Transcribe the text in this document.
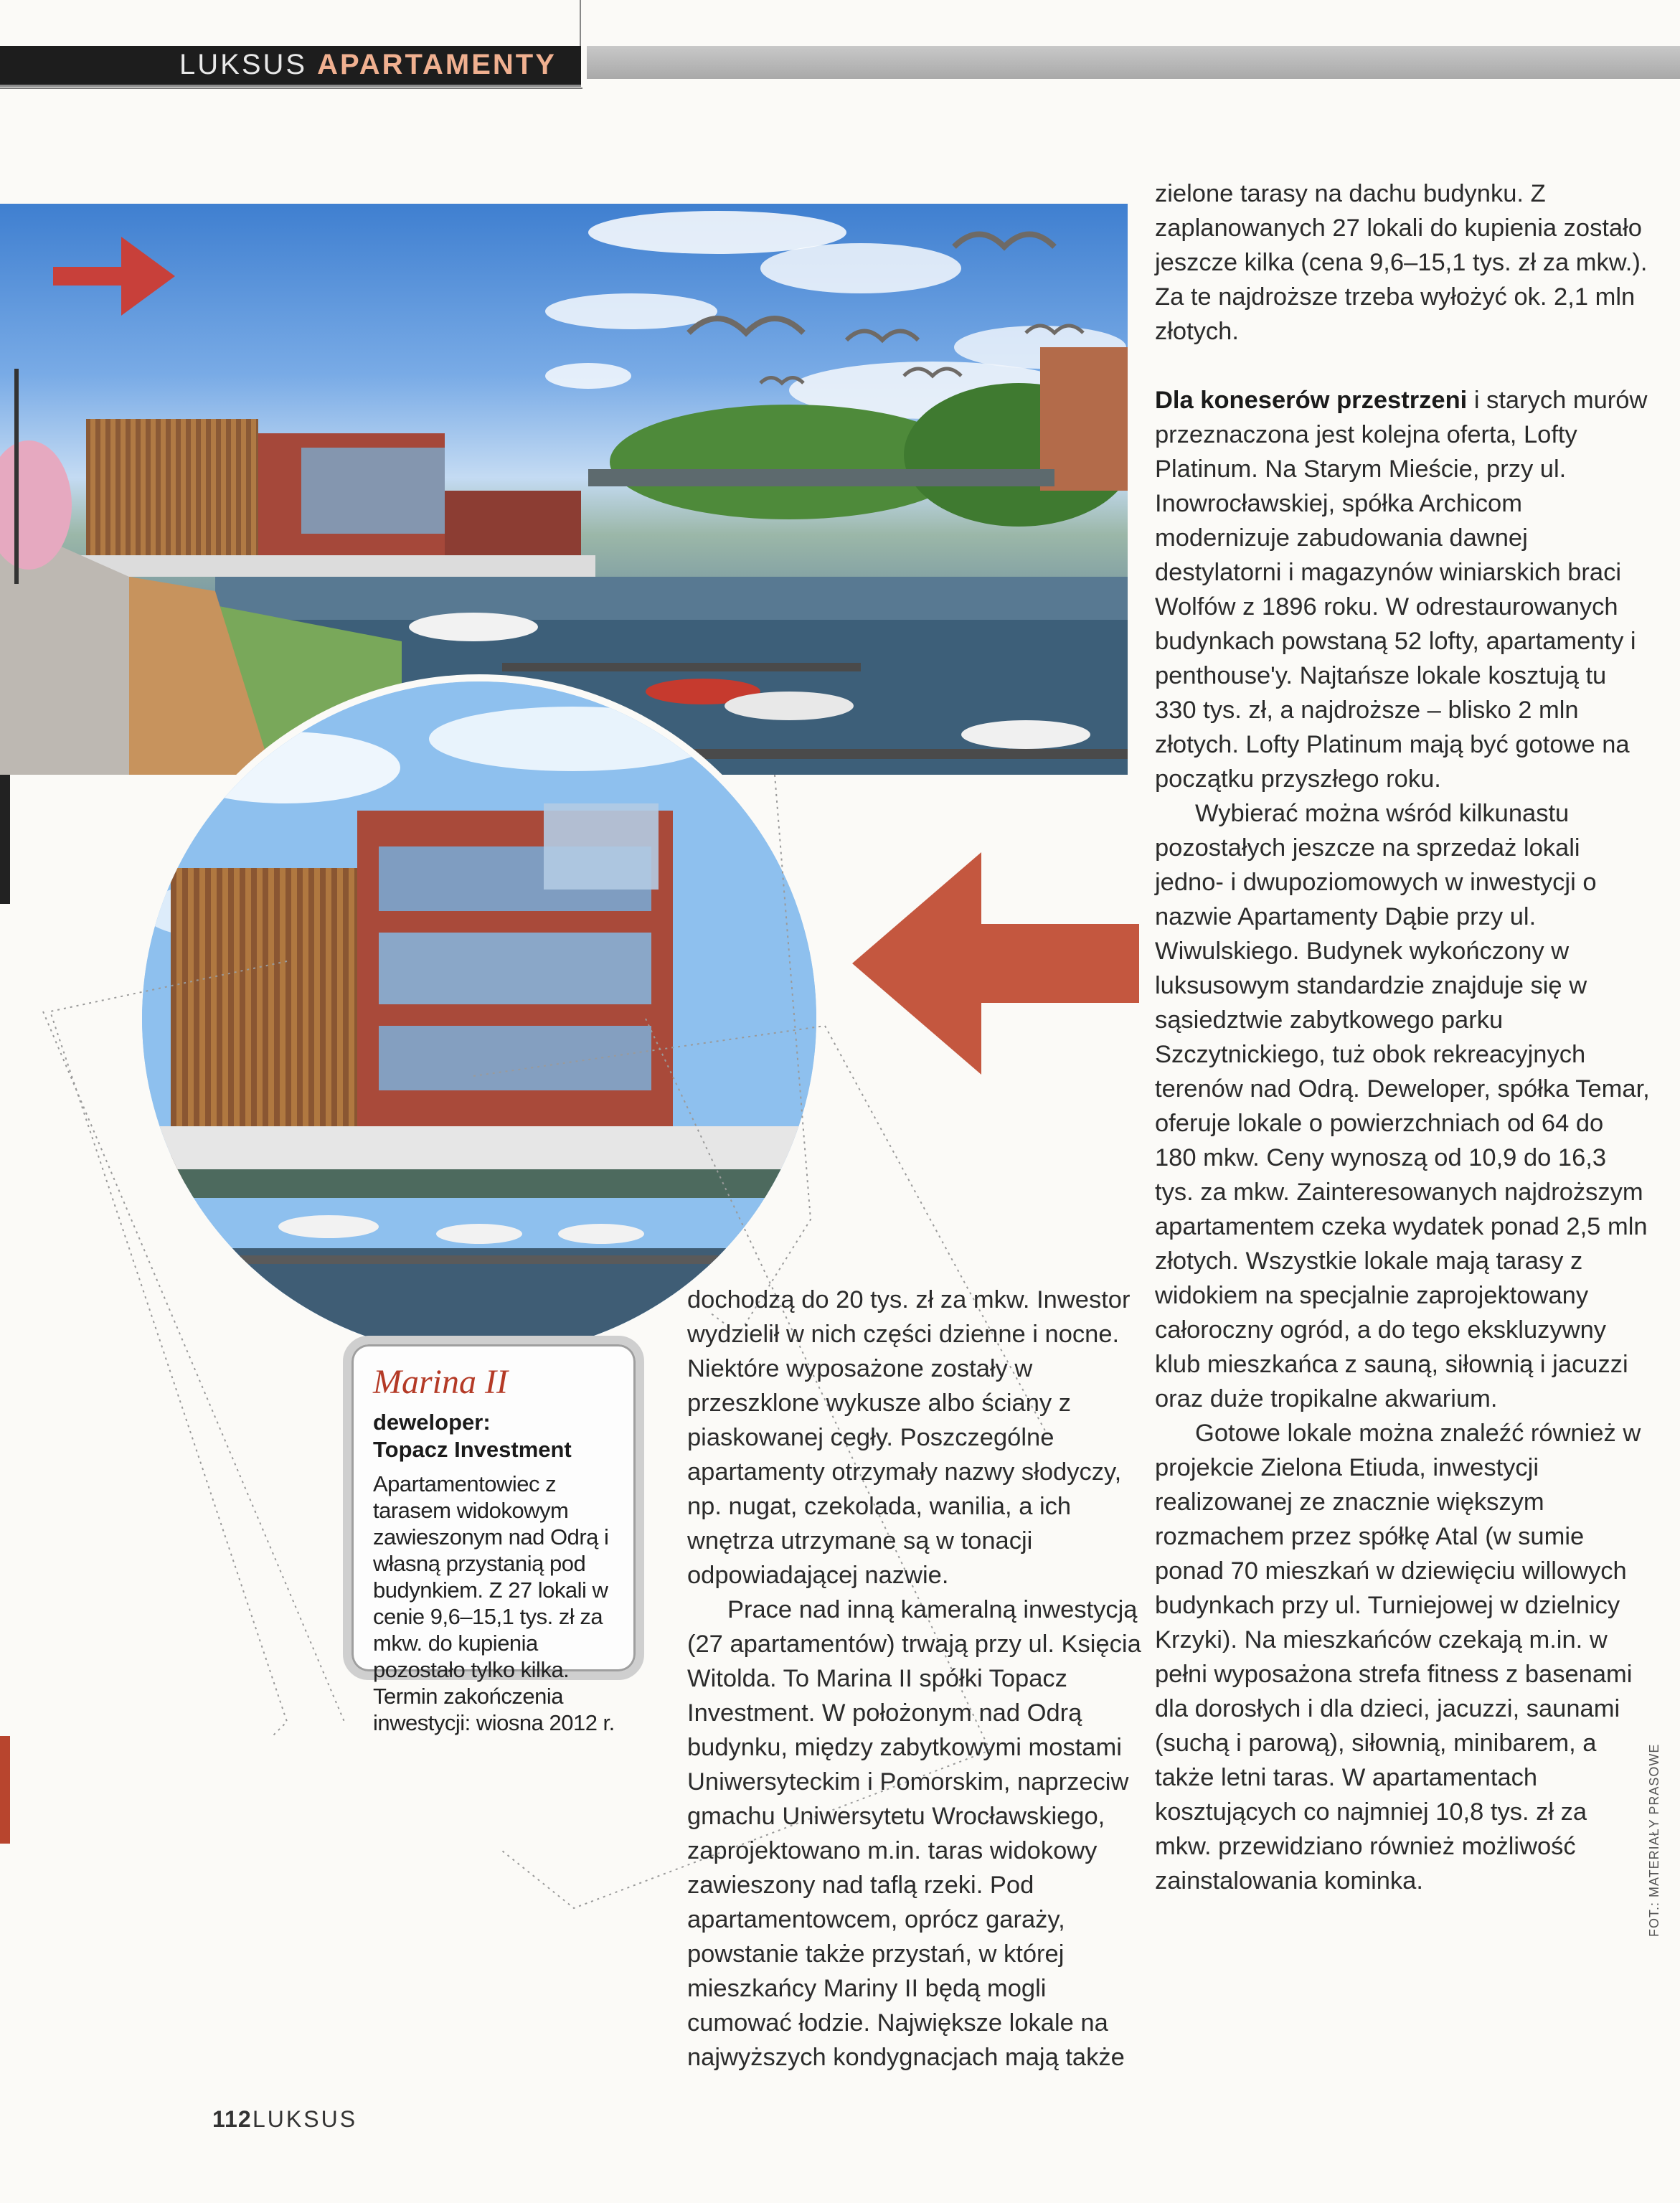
LUKSUS APARTAMENTY
Marina II
deweloper:
Topacz Investment
Apartamentowiec z tarasem widokowym zawieszonym nad Odrą i własną przystanią pod budynkiem. Z 27 lokali w cenie 9,6–15,1 tys. zł za mkw. do kupienia pozostało tylko kilka. Termin zakończenia inwestycji: wiosna 2012 r.

dochodzą do 20 tys. zł za mkw. Inwestor wydzielił w nich części dzienne i nocne. Niektóre wyposażone zostały w przeszklone wykusze albo ściany z piaskowanej cegły. Poszczególne apartamenty otrzymały nazwy słodyczy, np. nugat, czekolada, wanilia, a ich wnętrza utrzymane są w tonacji odpowiadającej nazwie.

Prace nad inną kameralną inwestycją (27 apartamentów) trwają przy ul. Księcia Witolda. To Marina II spółki Topacz Investment. W położonym nad Odrą budynku, między zabytkowymi mostami Uniwersyteckim i Pomorskim, naprzeciw gmachu Uniwersytetu Wrocławskiego, zaprojektowano m.in. taras widokowy zawieszony nad taflą rzeki. Pod apartamentowcem, oprócz garaży, powstanie także przystań, w której mieszkańcy Mariny II będą mogli cumować łodzie. Największe lokale na najwyższych kondygnacjach mają także

zielone tarasy na dachu budynku. Z zaplanowanych 27 lokali do kupienia zostało jeszcze kilka (cena 9,6–15,1 tys. zł za mkw.). Za te najdroższe trzeba wyłożyć ok. 2,1 mln złotych.

Dla koneserów przestrzeni i starych murów przeznaczona jest kolejna oferta, Lofty Platinum. Na Starym Mieście, przy ul. Inowrocławskiej, spółka Archicom modernizuje zabudowania dawnej destylatorni i magazynów winiarskich braci Wolfów z 1896 roku. W odrestaurowanych budynkach powstaną 52 lofty, apartamenty i penthouse'y. Najtańsze lokale kosztują tu 330 tys. zł, a najdroższe – blisko 2 mln złotych. Lofty Platinum mają być gotowe na początku przyszłego roku.

Wybierać można wśród kilkunastu pozostałych jeszcze na sprzedaż lokali jedno- i dwupoziomowych w inwestycji o nazwie Apartamenty Dąbie przy ul. Wiwulskiego. Budynek wykończony w luksusowym standardzie znajduje się w sąsiedztwie zabytkowego parku Szczytnickiego, tuż obok rekreacyjnych terenów nad Odrą. Deweloper, spółka Temar, oferuje lokale o powierzchniach od 64 do 180 mkw. Ceny wynoszą od 10,9 do 16,3 tys. za mkw. Zainteresowanych najdroższym apartamentem czeka wydatek ponad 2,5 mln złotych. Wszystkie lokale mają tarasy z widokiem na specjalnie zaprojektowany całoroczny ogród, a do tego ekskluzywny klub mieszkańca z sauną, siłownią i jacuzzi oraz duże tropikalne akwarium.

Gotowe lokale można znaleźć również w projekcie Zielona Etiuda, inwestycji realizowanej ze znacznie większym rozmachem przez spółkę Atal (w sumie ponad 70 mieszkań w dziewięciu willowych budynkach przy ul. Turniejowej w dzielnicy Krzyki). Na mieszkańców czekają m.in. w pełni wyposażona strefa fitness z basenami dla dorosłych i dla dzieci, jacuzzi, saunami (suchą i parową), siłownią, minibarem, a także letni taras. W apartamentach kosztujących co najmniej 10,8 tys. zł za mkw. przewidziano również możliwość zainstalowania kominka.

112 LUKSUS
FOT.: MATERIAŁY PRASOWE
